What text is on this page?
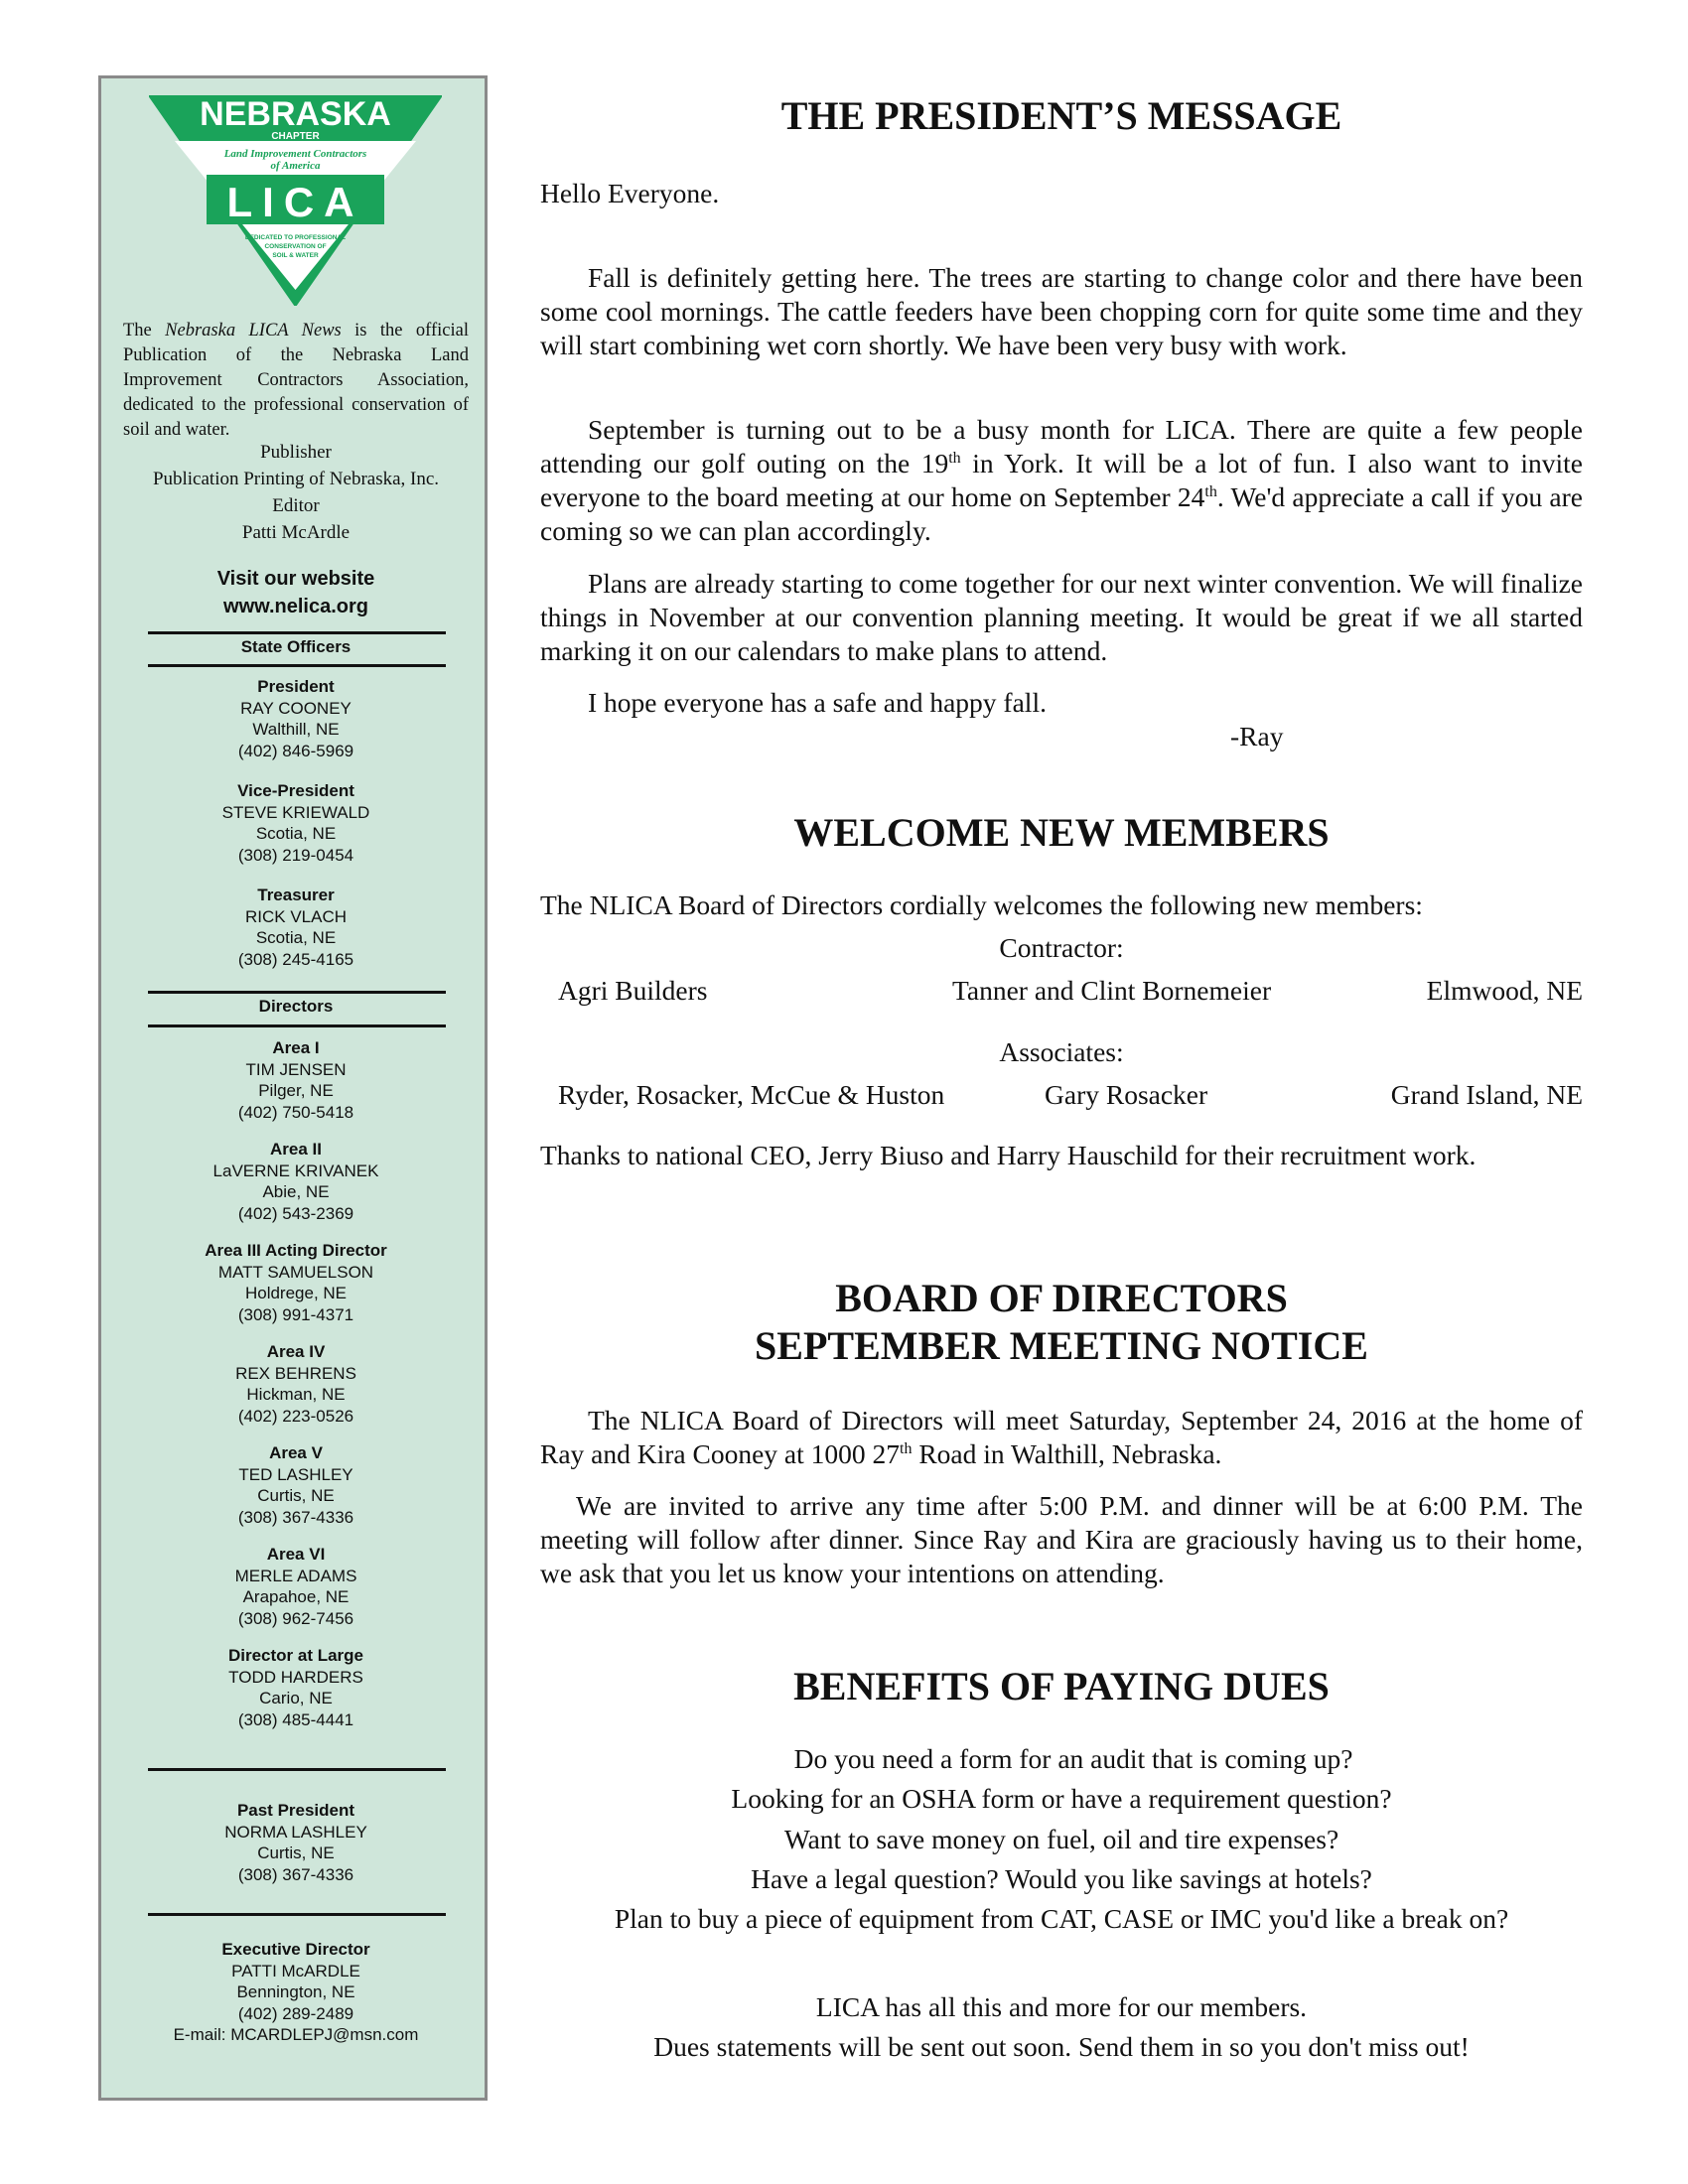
NEBRASKA
CHAPTER
Land Improvement Contractors
of America
LICA
DEDICATED TO PROFESSIONAL
CONSERVATION OF
SOIL & WATER
The Nebraska LICA News is the official Publication of the Nebraska Land Improvement Contractors Association, dedicated to the professional conservation of soil and water.
Publisher
Publication Printing of Nebraska, Inc.
Editor
Patti McArdle
Visit our website
www.nelica.org
State Officers
President
RAY COONEY
Walthill, NE
(402) 846-5969
Vice-President
STEVE KRIEWALD
Scotia, NE
(308) 219-0454
Treasurer
RICK VLACH
Scotia, NE
(308) 245-4165
Directors
Area I
TIM JENSEN
Pilger, NE
(402) 750-5418
Area II
LaVERNE KRIVANEK
Abie, NE
(402) 543-2369
Area III Acting Director
MATT SAMUELSON
Holdrege, NE
(308) 991-4371
Area IV
REX BEHRENS
Hickman, NE
(402) 223-0526
Area V
TED LASHLEY
Curtis, NE
(308) 367-4336
Area VI
MERLE ADAMS
Arapahoe, NE
(308) 962-7456
Director at Large
TODD HARDERS
Cario, NE
(308) 485-4441
Past President
NORMA LASHLEY
Curtis, NE
(308) 367-4336
Executive Director
PATTI McARDLE
Bennington, NE
(402) 289-2489
E-mail: MCARDLEPJ@msn.com
THE PRESIDENT’S MESSAGE
Hello Everyone.
Fall is definitely getting here. The trees are starting to change color and there have been some cool mornings. The cattle feeders have been chopping corn for quite some time and they will start combining wet corn shortly. We have been very busy with work.
September is turning out to be a busy month for LICA. There are quite a few people attending our golf outing on the 19th in York. It will be a lot of fun. I also want to invite everyone to the board meeting at our home on September 24th. We'd appreciate a call if you are coming so we can plan accordingly.
Plans are already starting to come together for our next winter convention. We will finalize things in November at our convention planning meeting. It would be great if we all started marking it on our calendars to make plans to attend.
I hope everyone has a safe and happy fall.
-Ray
WELCOME NEW MEMBERS
The NLICA Board of Directors cordially welcomes the following new members:
Contractor:
Agri Builders	Tanner and Clint Bornemeier	Elmwood, NE
Associates:
Ryder, Rosacker, McCue & Huston	Gary Rosacker	Grand Island, NE
Thanks to national CEO, Jerry Biuso and Harry Hauschild for their recruitment work.
BOARD OF DIRECTORS
SEPTEMBER MEETING NOTICE
The NLICA Board of Directors will meet Saturday, September 24, 2016 at the home of Ray and Kira Cooney at 1000 27th Road in Walthill, Nebraska.
We are invited to arrive any time after 5:00 P.M. and dinner will be at 6:00 P.M. The meeting will follow after dinner. Since Ray and Kira are graciously having us to their home, we ask that you let us know your intentions on attending.
BENEFITS OF PAYING DUES
Do you need a form for an audit that is coming up?
Looking for an OSHA form or have a requirement question?
Want to save money on fuel, oil and tire expenses?
Have a legal question? Would you like savings at hotels?
Plan to buy a piece of equipment from CAT, CASE or IMC you'd like a break on?
LICA has all this and more for our members.
Dues statements will be sent out soon. Send them in so you don't miss out!
